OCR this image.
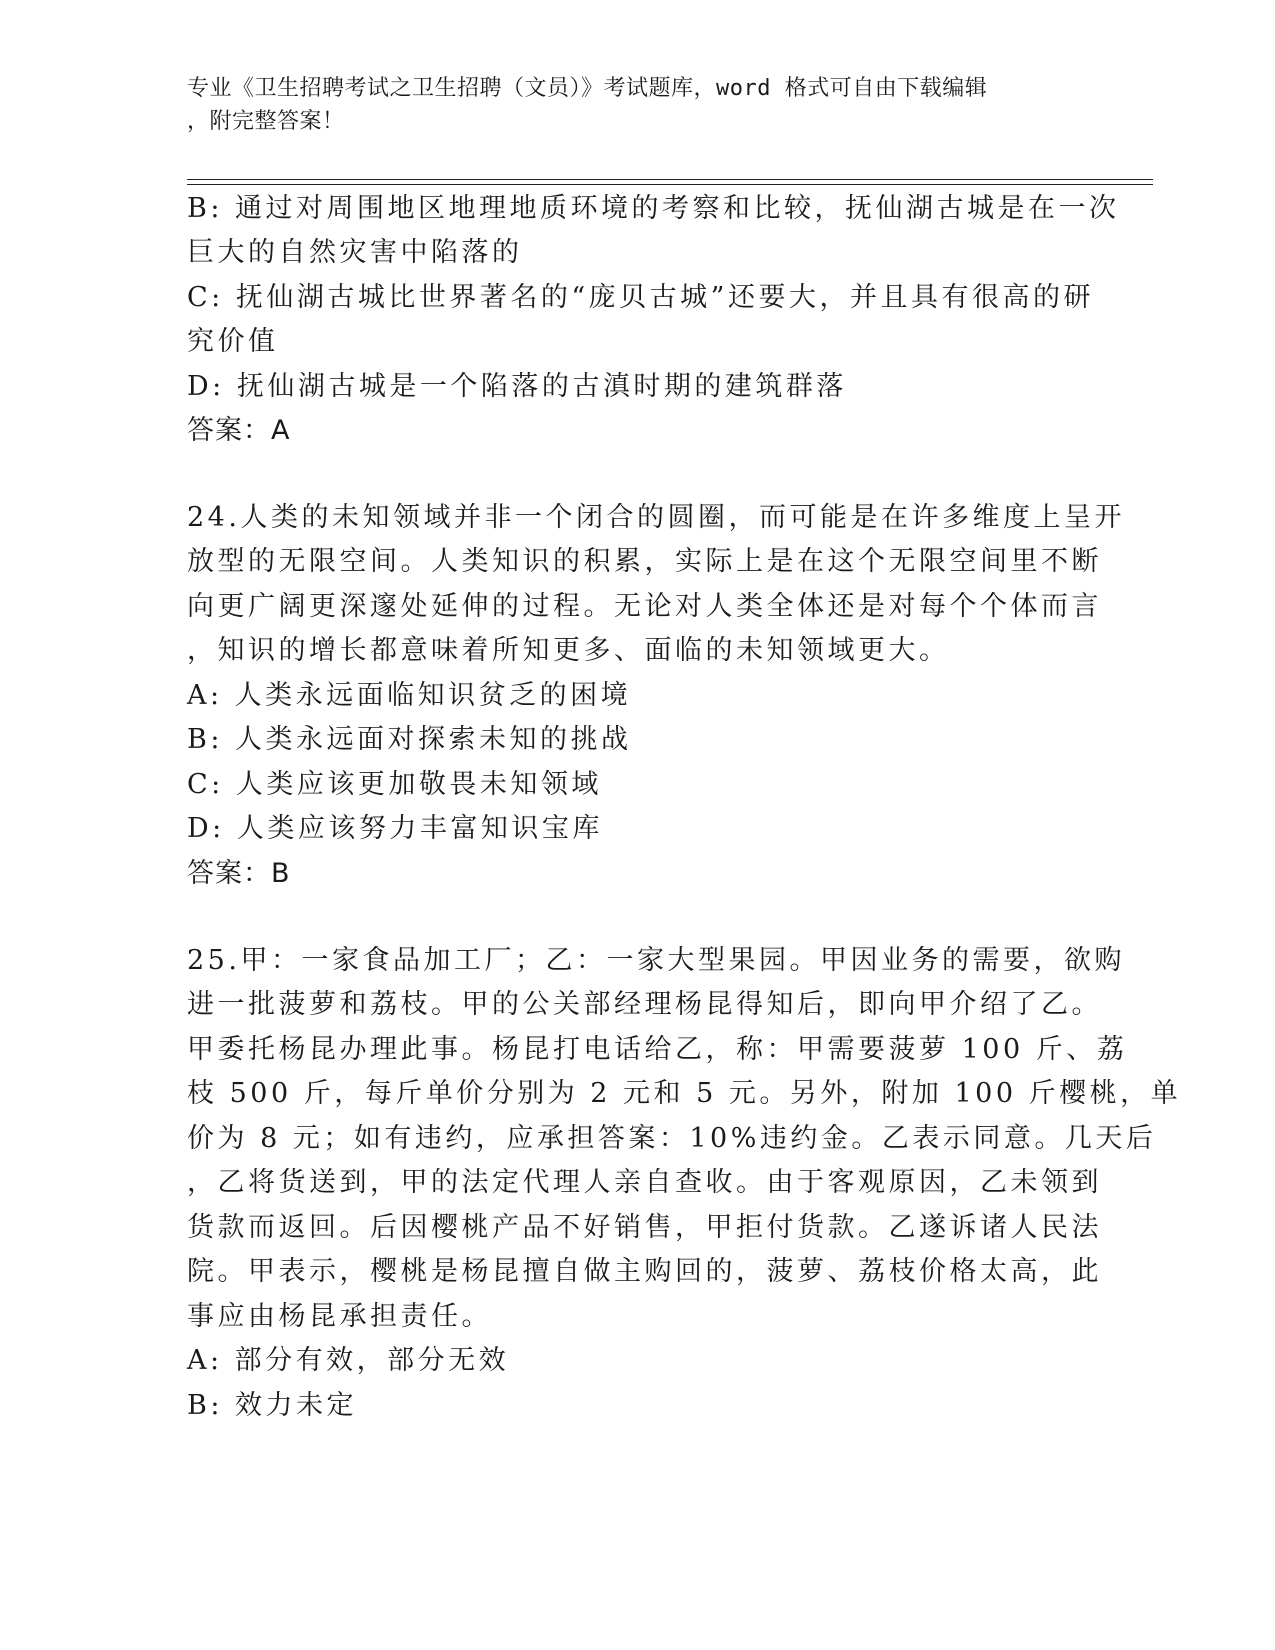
专业《卫生招聘考试之卫生招聘（文员）》考试题库，word 格式可自由下载编辑
，附完整答案！
B: 通过对周围地区地理地质环境的考察和比较，抚仙湖古城是在一次
巨大的自然灾害中陷落的
C: 抚仙湖古城比世界著名的“庞贝古城”还要大，并且具有很高的研
究价值
D: 抚仙湖古城是一个陷落的古滇时期的建筑群落
答案：A
24.人类的未知领域并非一个闭合的圆圈，而可能是在许多维度上呈开
放型的无限空间。人类知识的积累，实际上是在这个无限空间里不断
向更广阔更深邃处延伸的过程。无论对人类全体还是对每个个体而言
，知识的增长都意味着所知更多、面临的未知领域更大。
A: 人类永远面临知识贫乏的困境
B: 人类永远面对探索未知的挑战
C: 人类应该更加敬畏未知领域
D: 人类应该努力丰富知识宝库
答案：B
25.甲：一家食品加工厂；乙：一家大型果园。甲因业务的需要，欲购
进一批菠萝和荔枝。甲的公关部经理杨昆得知后，即向甲介绍了乙。
甲委托杨昆办理此事。杨昆打电话给乙，称：甲需要菠萝 100 斤、荔
枝 500 斤，每斤单价分别为 2 元和 5 元。另外，附加 100 斤樱桃，单
价为 8 元；如有违约，应承担答案：10%违约金。乙表示同意。几天后
，乙将货送到，甲的法定代理人亲自查收。由于客观原因，乙未领到
货款而返回。后因樱桃产品不好销售，甲拒付货款。乙遂诉诸人民法
院。甲表示，樱桃是杨昆擅自做主购回的，菠萝、荔枝价格太高，此
事应由杨昆承担责任。
A: 部分有效，部分无效
B: 效力未定
